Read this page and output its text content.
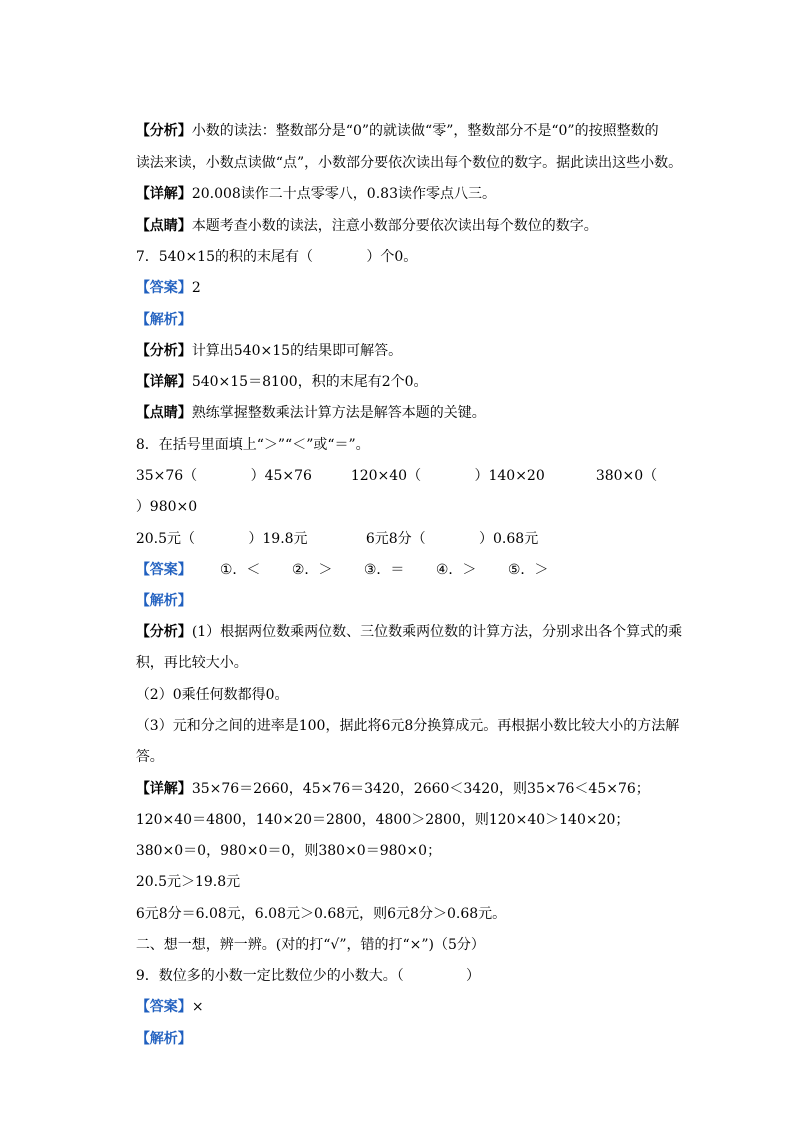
【分析】小数的读法：整数部分是“0”的就读做“零”，整数部分不是“0”的按照整数的

读法来读，小数点读做“点”，小数部分要依次读出每个数位的数字。据此读出这些小数。

【详解】20.008读作二十点零零八，0.83读作零点八三。

【点睛】本题考查小数的读法，注意小数部分要依次读出每个数位的数字。

7．540×15的积的末尾有（            ）个0。

【答案】2

【解析】

【分析】计算出540×15的结果即可解答。

【详解】540×15＝8100，积的末尾有2个0。

【点睛】熟练掌握整数乘法计算方法是解答本题的关键。

8．在括号里面填上“＞”“＜”或“＝”。

35×76（            ）45×76	120×40（            ）140×20	380×0（

）980×0

20.5元（            ）19.8元	6元8分（            ）0.68元

【答案】 ①．＜ ②．＞ ③．＝ ④．＞ ⑤．＞

【解析】

【分析】(1）根据两位数乘两位数、三位数乘两位数的计算方法，分别求出各个算式的乘

积，再比较大小。

（2）0乘任何数都得0。

（3）元和分之间的进率是100，据此将6元8分换算成元。再根据小数比较大小的方法解

答。

【详解】35×76＝2660，45×76＝3420，2660＜3420，则35×76＜45×76；

120×40＝4800，140×20＝2800，4800＞2800，则120×40＞140×20；

380×0＝0，980×0＝0，则380×0＝980×0；

20.5元＞19.8元

6元8分＝6.08元，6.08元＞0.68元，则6元8分＞0.68元。

二、想一想，辨一辨。(对的打“√”，错的打“×”)（5分）

9．数位多的小数一定比数位少的小数大。（              ）

【答案】×

【解析】
